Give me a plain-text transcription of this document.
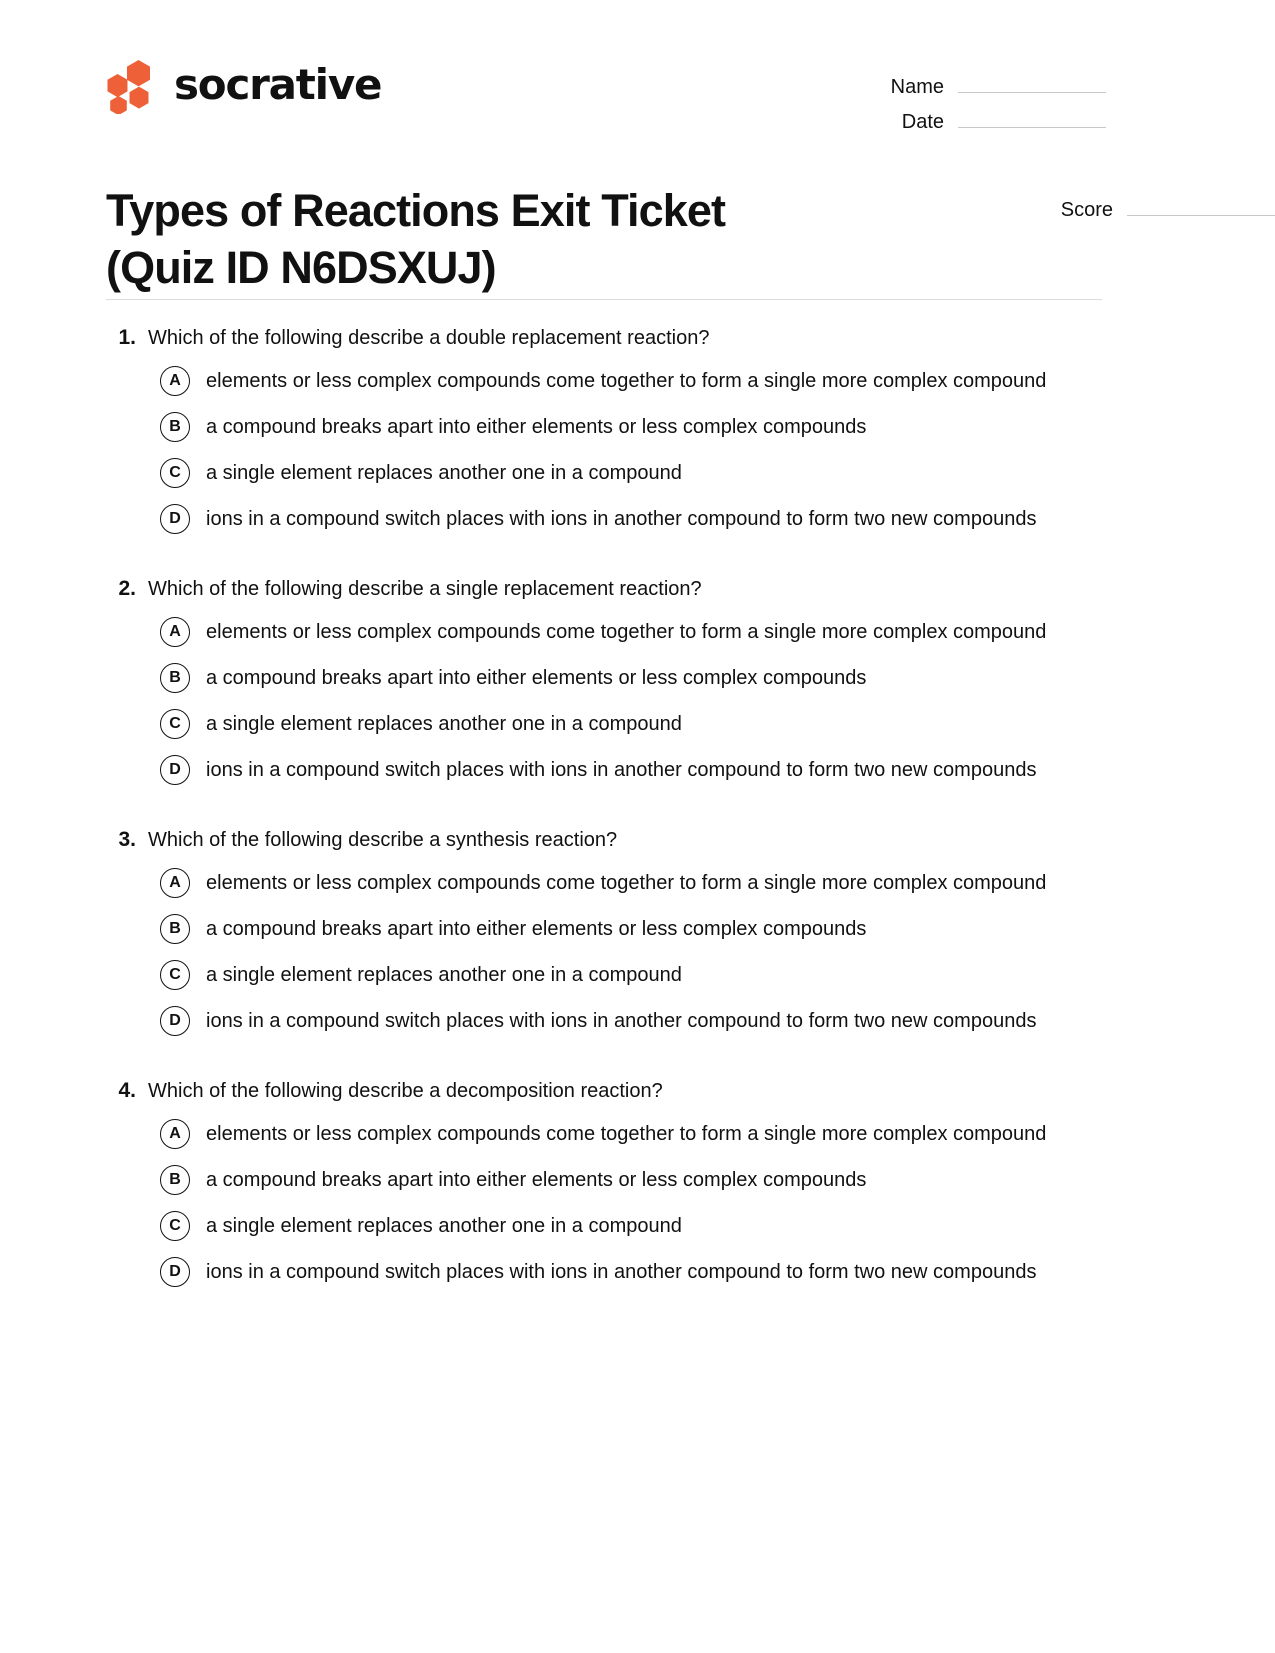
socrative	Name
Date
Score
Types of Reactions Exit Ticket
(Quiz ID N6DSXUJ)
1. Which of the following describe a double replacement reaction?
A	elements or less complex compounds come together to form a single more complex compound
B	a compound breaks apart into either elements or less complex compounds
C	a single element replaces another one in a compound
D	ions in a compound switch places with ions in another compound to form two new compounds
2. Which of the following describe a single replacement reaction?
A	elements or less complex compounds come together to form a single more complex compound
B	a compound breaks apart into either elements or less complex compounds
C	a single element replaces another one in a compound
D	ions in a compound switch places with ions in another compound to form two new compounds
3. Which of the following describe a synthesis reaction?
A	elements or less complex compounds come together to form a single more complex compound
B	a compound breaks apart into either elements or less complex compounds
C	a single element replaces another one in a compound
D	ions in a compound switch places with ions in another compound to form two new compounds
4. Which of the following describe a decomposition reaction?
A	elements or less complex compounds come together to form a single more complex compound
B	a compound breaks apart into either elements or less complex compounds
C	a single element replaces another one in a compound
D	ions in a compound switch places with ions in another compound to form two new compounds
